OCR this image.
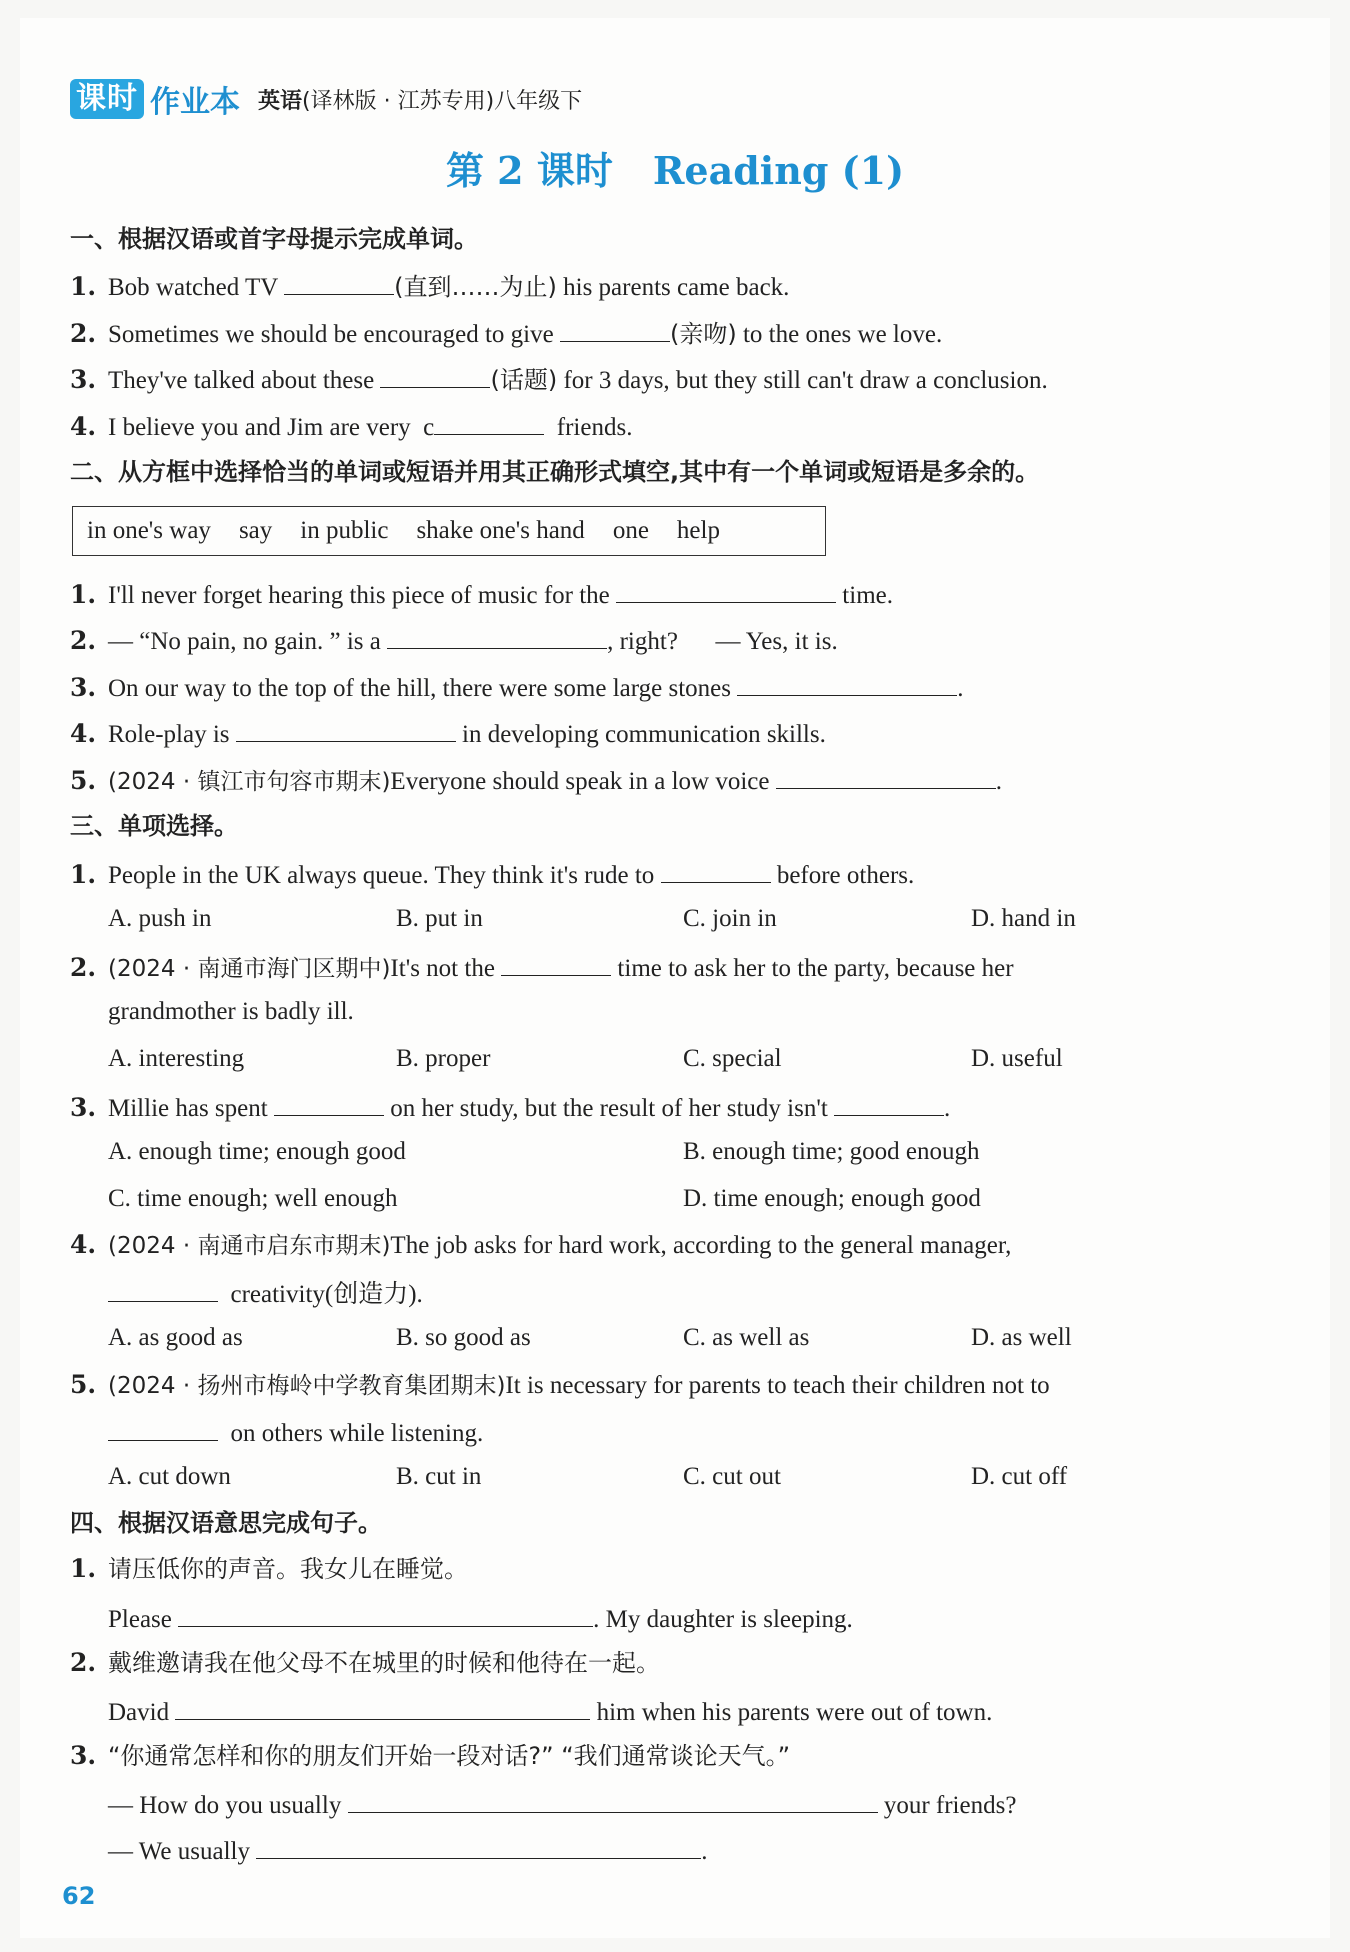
课时 作业本 英语(译林版 · 江苏专用)八年级下
第 2 课时 Reading (1)
一、根据汉语或首字母提示完成单词。
1. Bob watched TV	(直到……为止) his parents came back.
2. Sometimes we should be encouraged to give	(亲吻) to the ones we love.
3. They've talked about these	(话题) for 3 days, but they still can't draw a conclusion.
4. I believe you and Jim are very c	friends.
二、从方框中选择恰当的单词或短语并用其正确形式填空,其中有一个单词或短语是多余的。
in one's way say in public shake one's hand one help
1. I'll never forget hearing this piece of music for the	time.
2. — “No pain, no gain. ” is a	, right? — Yes, it is.
3. On our way to the top of the hill, there were some large stones	.
4. Role-play is	in developing communication skills.
5. (2024 · 镇江市句容市期末)Everyone should speak in a low voice	.
三、单项选择。
1. People in the UK always queue. They think it's rude to	before others.
A. push in	B. put in	C. join in	D. hand in
2. (2024 · 南通市海门区期中)It's not the	time to ask her to the party, because her
grandmother is badly ill.
A. interesting	B. proper	C. special	D. useful
3. Millie has spent	on her study, but the result of her study isn't	.
A. enough time; enough good	B. enough time; good enough
C. time enough; well enough	D. time enough; enough good
4. (2024 · 南通市启东市期末)The job asks for hard work, according to the general manager,
creativity(创造力).
A. as good as	B. so good as	C. as well as	D. as well
5. (2024 · 扬州市梅岭中学教育集团期末)It is necessary for parents to teach their children not to
on others while listening.
A. cut down	B. cut in	C. cut out	D. cut off
四、根据汉语意思完成句子。
1. 请压低你的声音。我女儿在睡觉。
Please	. My daughter is sleeping.
2. 戴维邀请我在他父母不在城里的时候和他待在一起。
David	him when his parents were out of town.
3. “你通常怎样和你的朋友们开始一段对话?” “我们通常谈论天气。”
— How do you usually	your friends?
— We usually	.
62
